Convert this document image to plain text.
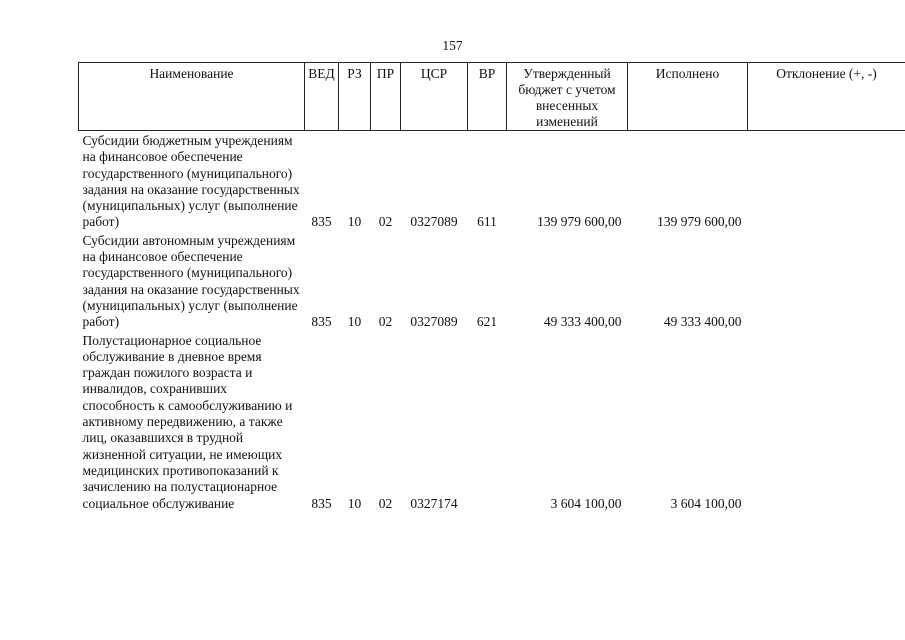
157
Наименование	ВЕД	РЗ	ПР	ЦСР	ВР	Утвержденный бюджет с учетом внесенных изменений	Исполнено	Отклонение (+, -)
Субсидии бюджетным учреждениям на финансовое обеспечение государственного (муниципального) задания на оказание государственных (муниципальных) услуг (выполнение работ)	835	10	02	0327089	611	139 979 600,00	139 979 600,00	
Субсидии автономным учреждениям на финансовое обеспечение государственного (муниципального) задания на оказание государственных (муниципальных) услуг (выполнение работ)	835	10	02	0327089	621	49 333 400,00	49 333 400,00	
Полустационарное социальное обслуживание в дневное время граждан пожилого возраста и инвалидов, сохранивших способность к самообслуживанию и активному передвижению, а также лиц, оказавшихся в трудной жизненной ситуации, не имеющих медицинских противопоказаний к зачислению на полустационарное социальное обслуживание	835	10	02	0327174		3 604 100,00	3 604 100,00	
